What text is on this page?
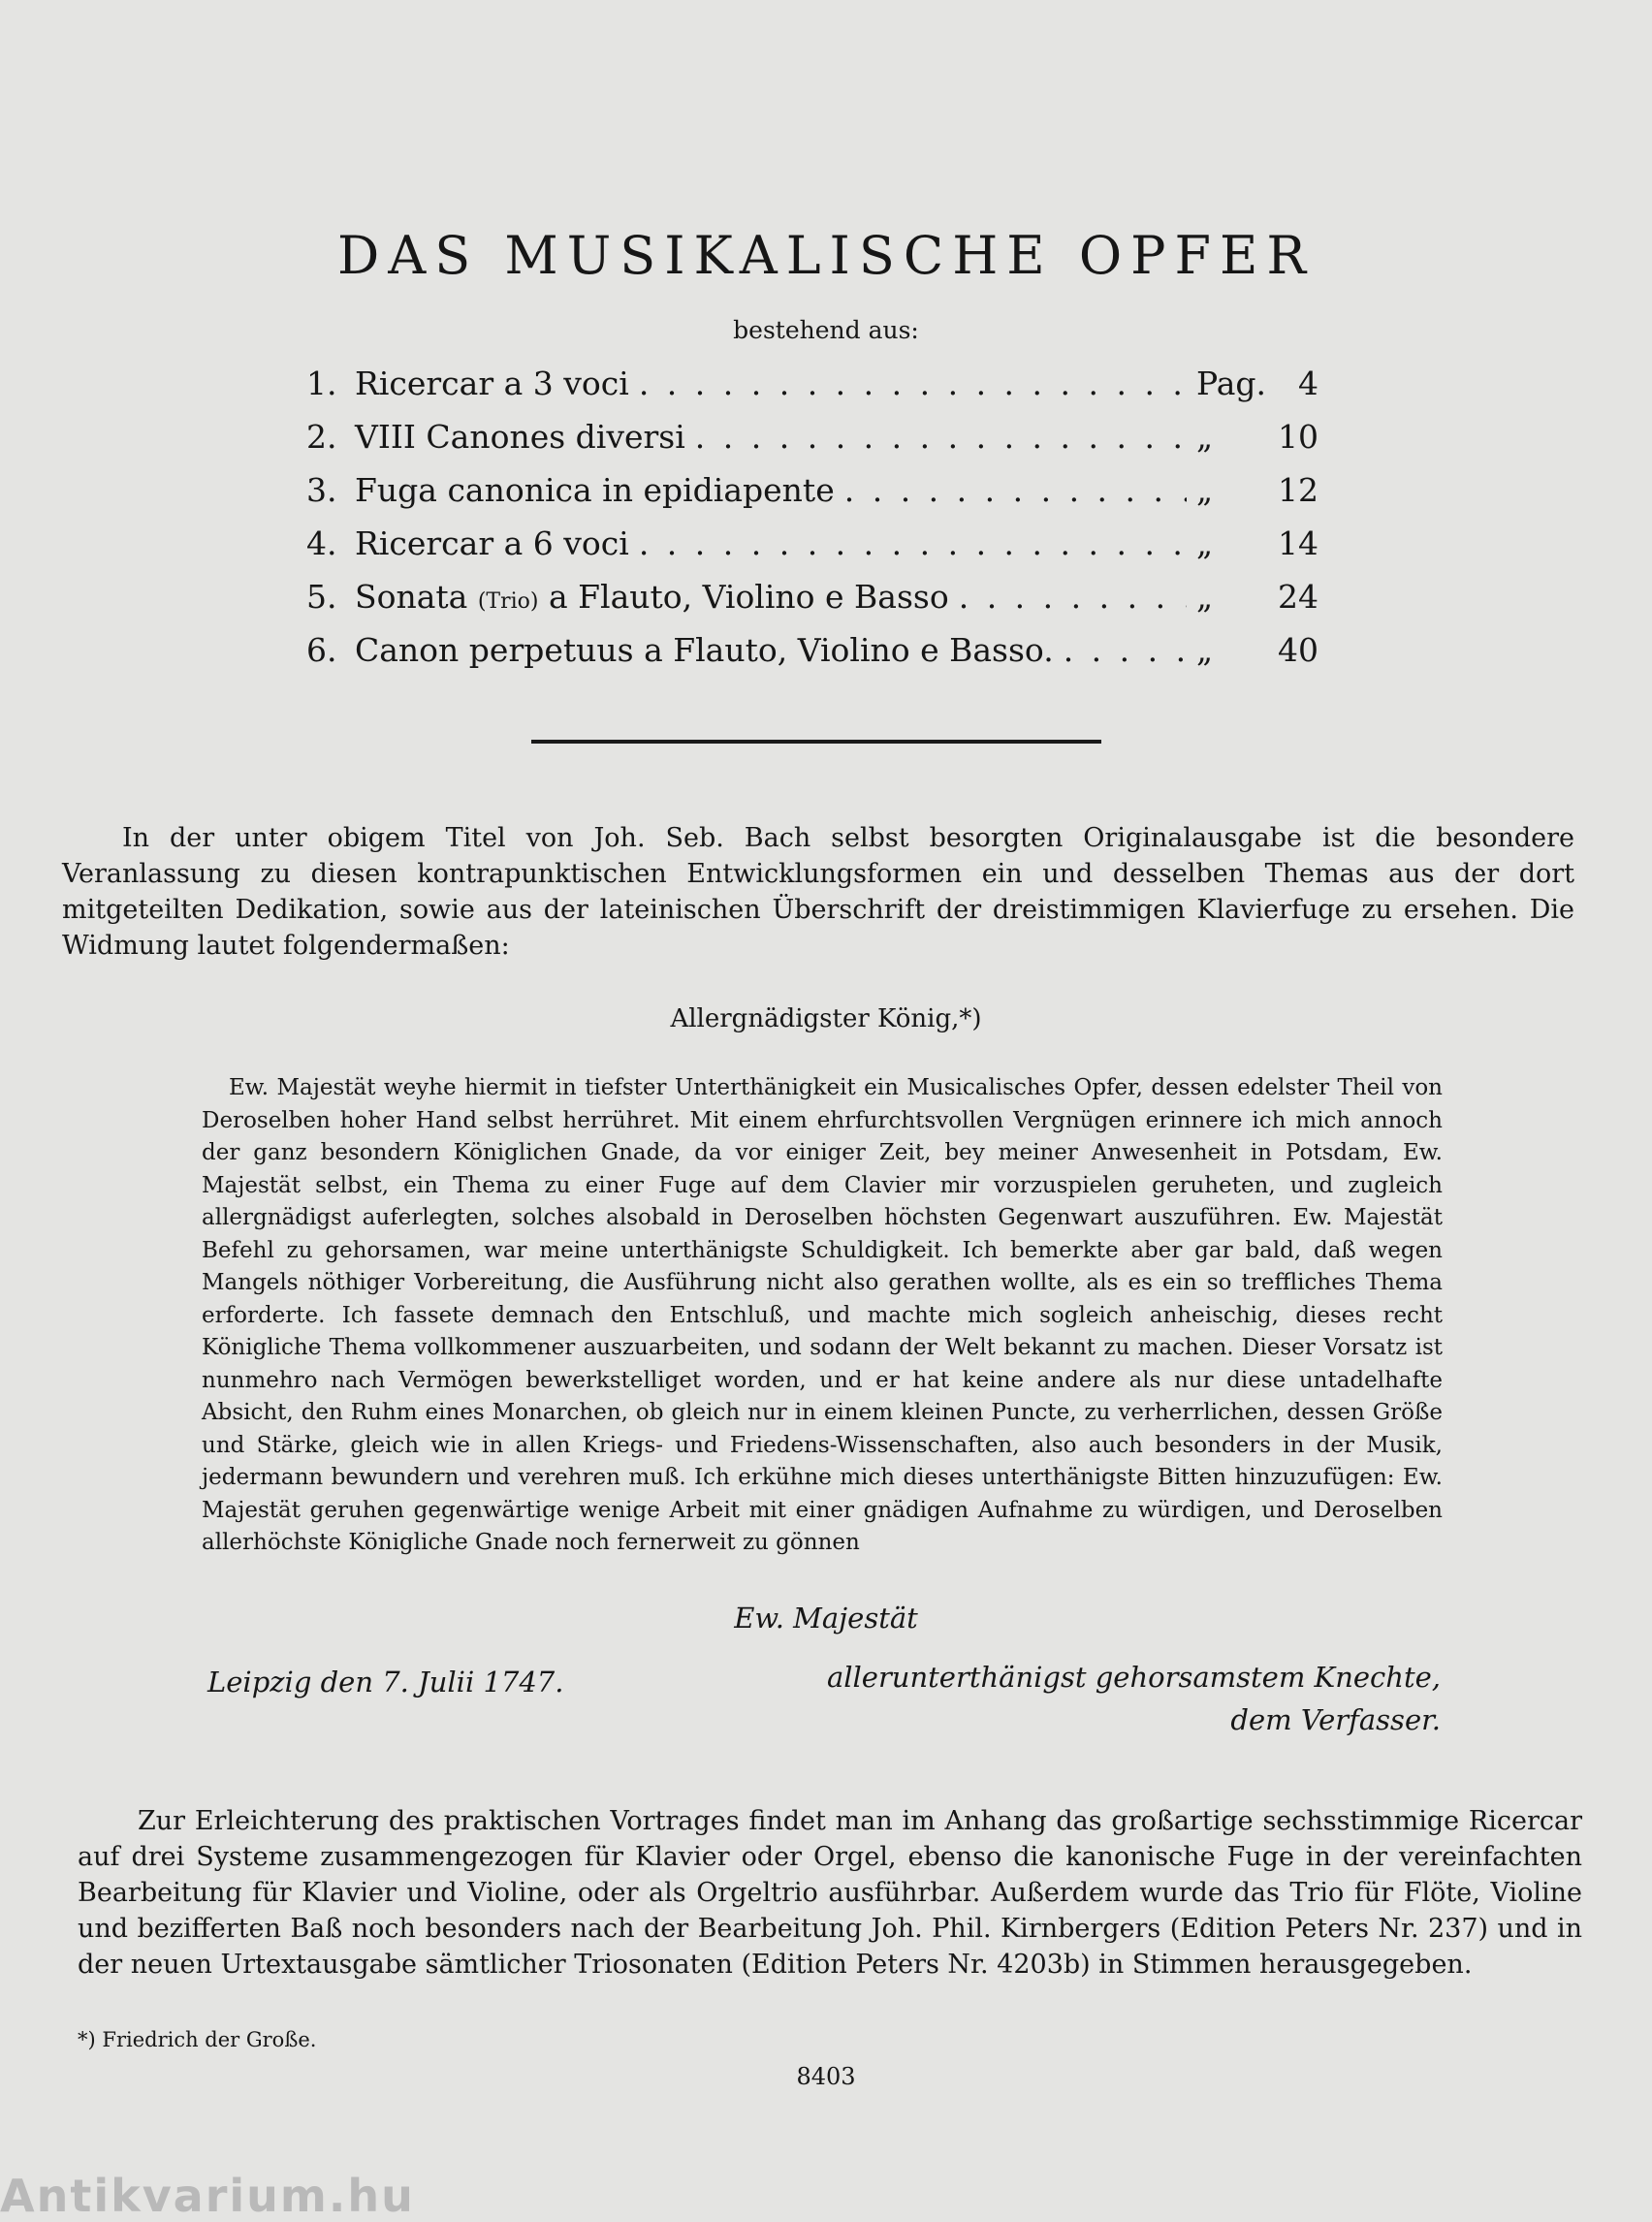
DAS MUSIKALISCHE OPFER
bestehend aus:
1. Ricercar a 3 voci . . .	Pag. 4
2. VIII Canones diversi . . .	„	10
3. Fuga canonica in epidiapente . . .	„	12
4. Ricercar a 6 voci . . .	„	14
5. Sonata (Trio) a Flauto, Violino e Basso . . .	„	24
6. Canon perpetuus a Flauto, Violino e Basso. . . .	„	40
In der unter obigem Titel von Joh. Seb. Bach selbst besorgten Originalausgabe ist die besondere Veranlassung zu diesen kontrapunktischen Entwicklungsformen ein und desselben Themas aus der dort mitgeteilten Dedikation, sowie aus der lateinischen Überschrift der dreistimmigen Klavierfuge zu ersehen. Die Widmung lautet folgendermaßen:
Allergnädigster König,*)
Ew. Majestät weyhe hiermit in tiefster Unterthänigkeit ein Musicalisches Opfer, dessen edelster Theil von Deroselben hoher Hand selbst herrühret. Mit einem ehrfurchtsvollen Vergnügen erinnere ich mich annoch der ganz besondern Königlichen Gnade, da vor einiger Zeit, bey meiner Anwesenheit in Potsdam, Ew. Majestät selbst, ein Thema zu einer Fuge auf dem Clavier mir vorzuspielen geruheten, und zugleich allergnädigst auferlegten, solches alsobald in Deroselben höchsten Gegenwart auszuführen. Ew. Majestät Befehl zu gehorsamen, war meine unterthänigste Schuldigkeit. Ich bemerkte aber gar bald, daß wegen Mangels nöthiger Vorbereitung, die Ausführung nicht also gerathen wollte, als es ein so treffliches Thema erforderte. Ich fassete demnach den Entschluß, und machte mich sogleich anheischig, dieses recht Königliche Thema vollkommener auszuarbeiten, und sodann der Welt bekannt zu machen. Dieser Vorsatz ist nunmehro nach Vermögen bewerkstelliget worden, und er hat keine andere als nur diese untadelhafte Absicht, den Ruhm eines Monarchen, ob gleich nur in einem kleinen Puncte, zu verherrlichen, dessen Größe und Stärke, gleich wie in allen Kriegs- und Friedens-Wissenschaften, also auch besonders in der Musik, jedermann bewundern und verehren muß. Ich erkühne mich dieses unterthänigste Bitten hinzuzufügen: Ew. Majestät geruhen gegenwärtige wenige Arbeit mit einer gnädigen Aufnahme zu würdigen, und Deroselben allerhöchste Königliche Gnade noch fernerweit zu gönnen
Ew. Majestät
Leipzig den 7. Julii 1747.	allerunterthänigst gehorsamstem Knechte,
dem Verfasser.
Zur Erleichterung des praktischen Vortrages findet man im Anhang das großartige sechsstimmige Ricercar auf drei Systeme zusammengezogen für Klavier oder Orgel, ebenso die kanonische Fuge in der vereinfachten Bearbeitung für Klavier und Violine, oder als Orgeltrio ausführbar. Außerdem wurde das Trio für Flöte, Violine und bezifferten Baß noch besonders nach der Bearbeitung Joh. Phil. Kirnbergers (Edition Peters Nr. 237) und in der neuen Urtextausgabe sämtlicher Triosonaten (Edition Peters Nr. 4203b) in Stimmen herausgegeben.
*) Friedrich der Große.
8403
Antikvarium.hu
